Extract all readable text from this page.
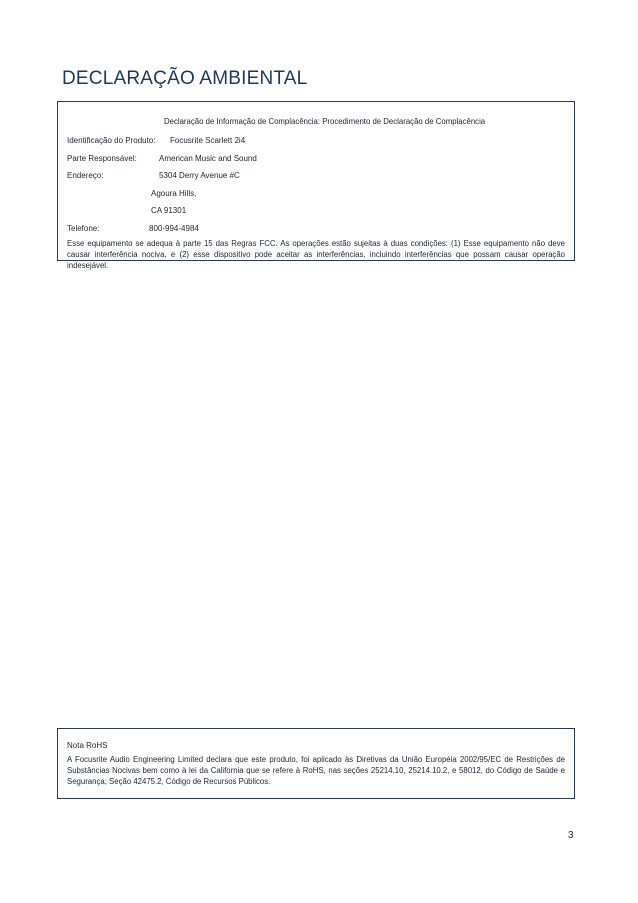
DECLARAÇÃO AMBIENTAL
Declaração de Informação de Complacência: Procedimento de Declaração de Complacência
Identificação do Produto: Focusrite Scarlett 2i4
Parte Responsável:	American Music and Sound
Endereço:	5304 Derry Avenue #C
Agoura Hills,
CA 91301
Telefone:	800-994-4984
Esse equipamento se adequa à parte 15 das Regras FCC. As operações estão sujeitas à duas condições: (1) Esse equipamento não deve causar interferência nociva, e (2) esse dispositivo pode aceitar as interferências, incluindo interferências que possam causar operação indesejável.
Nota RoHS
A Focusrite Audio Engineering Limited declara que este produto, foi aplicado às Diretivas da União Européia 2002/95/EC de Restrições de Substâncias Nocivas bem como à lei da California que se refere à RoHS, nas seções 25214.10, 25214.10.2, e 58012, do Código de Saúde e Segurança; Seção 42475.2, Código de Recursos Públicos.
3
